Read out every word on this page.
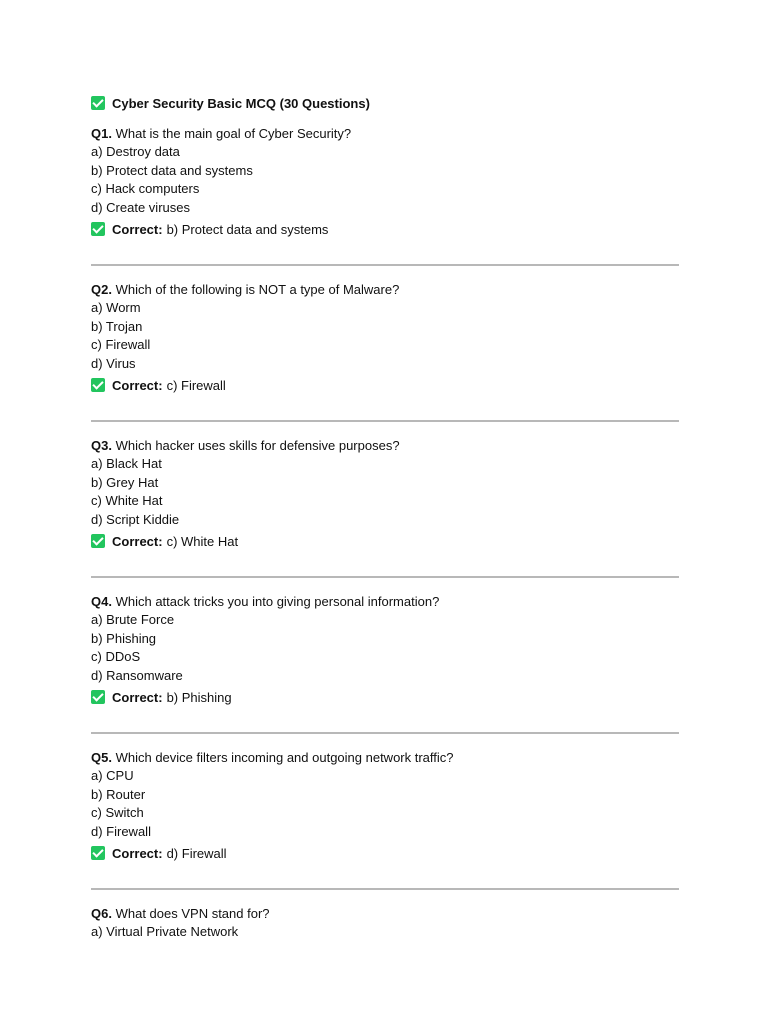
Cyber Security Basic MCQ (30 Questions)
Q1. What is the main goal of Cyber Security?
a) Destroy data
b) Protect data and systems
c) Hack computers
d) Create viruses
Correct: b) Protect data and systems
Q2. Which of the following is NOT a type of Malware?
a) Worm
b) Trojan
c) Firewall
d) Virus
Correct: c) Firewall
Q3. Which hacker uses skills for defensive purposes?
a) Black Hat
b) Grey Hat
c) White Hat
d) Script Kiddie
Correct: c) White Hat
Q4. Which attack tricks you into giving personal information?
a) Brute Force
b) Phishing
c) DDoS
d) Ransomware
Correct: b) Phishing
Q5. Which device filters incoming and outgoing network traffic?
a) CPU
b) Router
c) Switch
d) Firewall
Correct: d) Firewall
Q6. What does VPN stand for?
a) Virtual Private Network
